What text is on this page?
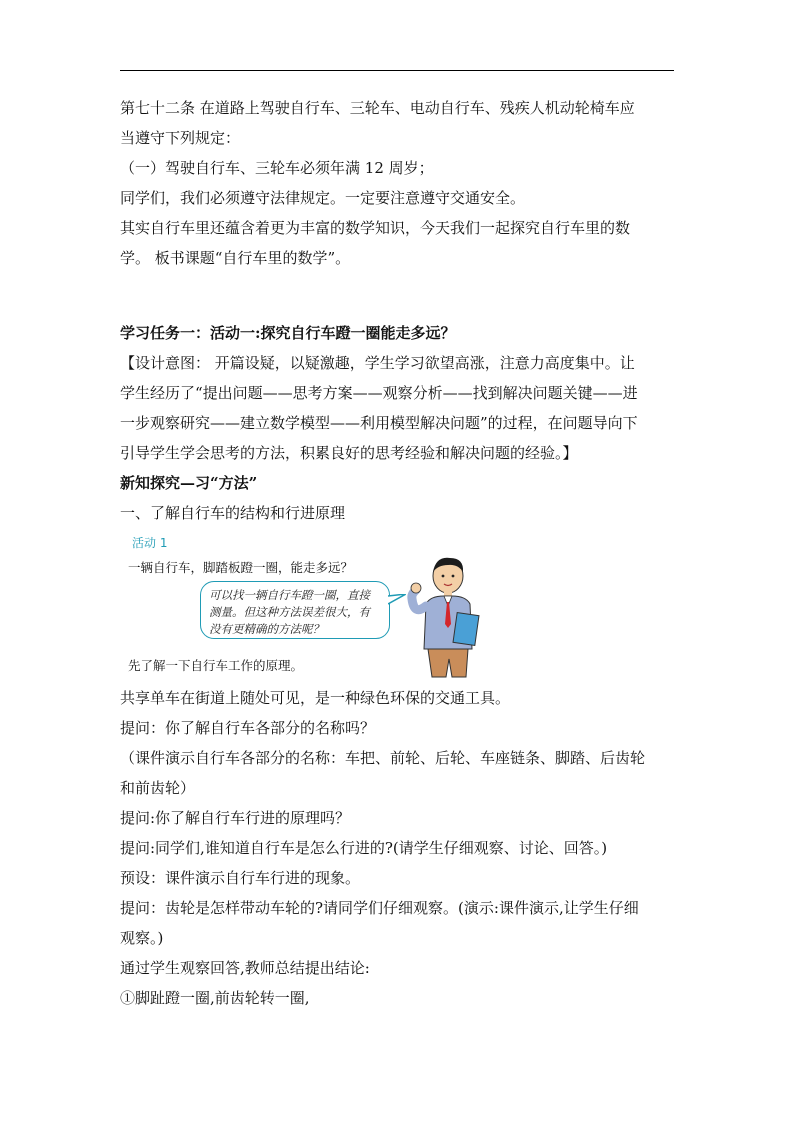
第七十二条 在道路上驾驶自行车、三轮车、电动自行车、残疾人机动轮椅车应
当遵守下列规定：
（一）驾驶自行车、三轮车必须年满 12 周岁；
同学们，我们必须遵守法律规定。一定要注意遵守交通安全。
其实自行车里还蕴含着更为丰富的数学知识，今天我们一起探究自行车里的数
学。 板书课题“自行车里的数学”。
学习任务一：活动一:探究自行车蹬一圈能走多远？
【设计意图： 开篇设疑，以疑激趣，学生学习欲望高涨，注意力高度集中。让
学生经历了“提出问题——思考方案——观察分析——找到解决问题关键——进
一步观察研究——建立数学模型——利用模型解决问题”的过程，在问题导向下
引导学生学会思考的方法，积累良好的思考经验和解决问题的经验。】
新知探究—习“方法”
一、了解自行车的结构和行进原理
活动 1
一辆自行车，脚踏板蹬一圈，能走多远？
可以找一辆自行车蹬一圈，直接
测量。但这种方法误差很大，有
没有更精确的方法呢？
先了解一下自行车工作的原理。
共享单车在街道上随处可见，是一种绿色环保的交通工具。
提问：你了解自行车各部分的名称吗？
（课件演示自行车各部分的名称：车把、前轮、后轮、车座链条、脚踏、后齿轮
和前齿轮）
提问:你了解自行车行进的原理吗？
提问:同学们,谁知道自行车是怎么行进的?(请学生仔细观察、讨论、回答。)
预设：课件演示自行车行进的现象。
提问：齿轮是怎样带动车轮的?请同学们仔细观察。(演示:课件演示,让学生仔细
观察。)
通过学生观察回答,教师总结提出结论:
①脚趾蹬一圈,前齿轮转一圈,
